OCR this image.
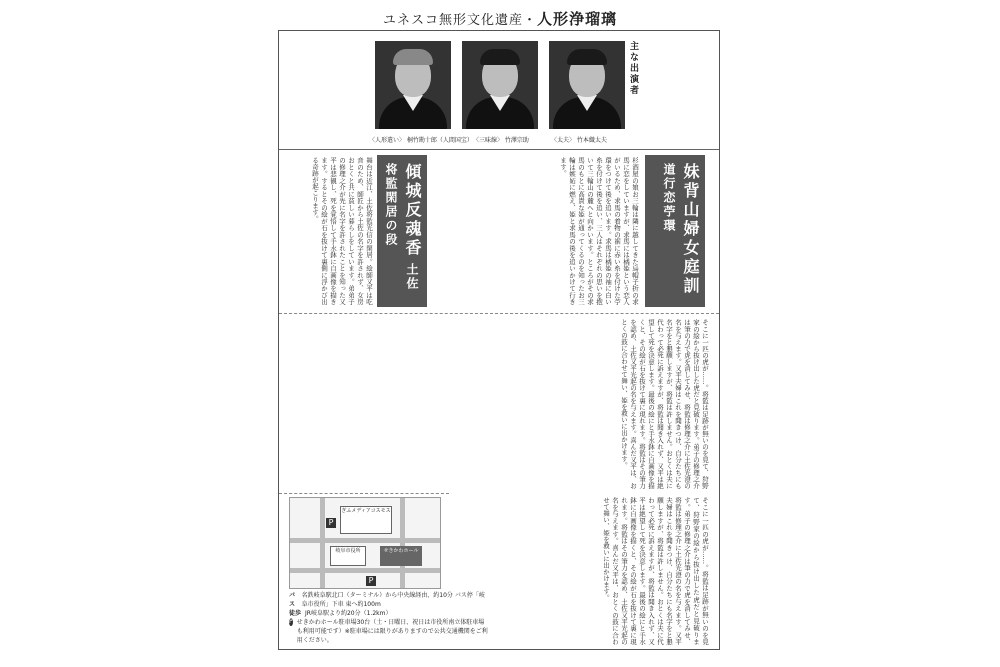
ユネスコ無形文化遺産・人形浄瑠璃
主な出演者
〈人形遣い〉 桐竹勘十郎（人間国宝） 〈三味線〉 竹澤宗助	〈太夫〉 竹本織太夫
妹背山婦女庭訓 道行恋苧環
杉酒屋の娘お三輪は隣に越してきた烏帽子折の求馬に恋をしていますが、求馬には橘姫という恋人がいるため、求馬の着物の裾に赤い糸を付けた苧環をつけて後を追います。求馬は橘姫の袖に白い糸を付けて後を追い、三人はそれぞれの思いを抱いて三輪山の麓へと向かいます。ところがその求馬のもとに高貴な姫が通ってくるのを知ったお三輪は嫉妬に燃え、姫と求馬の後を追いかけて行きます。
傾城反魂香 土佐将監閑居の段
舞台は近江、土佐将監光信の閑居。絵師又平は吃音のため、師匠から土佐の名字を許されず、女房おとくと共に貧しい暮らしをしています。弟弟子の修理之介が先に名字を許されたことを知った又平は悲観し、死を覚悟して手水鉢に自画像を描きます。するとその絵が石を抜けて裏側に浮かび出る奇跡が起こります。
そこに一匹の虎が……。将監は足跡が無いのを見て、狩野家の絵から抜け出した虎だと見破ります。弟子の修理之介は筆の力で虎を消してみせ、将監は修理之介に土佐光澄の名を与えます。又平夫婦はこれを聞きつけ、自分たちにも名字をと懇願しますが、将監は許しません。おとくは夫に代わって必死に訴えますが、将監は聞き入れず、又平は絶望して死を決意します。最後の絵にと手水鉢に自画像を描くと、その絵が石を抜けて裏に現れます。将監はその筆力を認め、土佐又平光起の名を与えます。喜んだ又平は、おとくの鼓に合わせて舞い、姫を救いに出かけます。
そこに一匹の虎が……。将監は足跡が無いのを見て、狩野家の絵から抜け出した虎だと見破ります。弟子の修理之介は筆の力で虎を消してみせ、将監は修理之介に土佐光澄の名を与えます。又平夫婦はこれを聞きつけ、自分たちにも名字をと懇願しますが、将監は許しません。おとくは夫に代わって必死に訴えますが、将監は聞き入れず、又平は絶望して死を決意します。最後の絵にと手水鉢に自画像を描くと、その絵が石を抜けて裏に現れます。将監はその筆力を認め、土佐又平光起の名を与えます。喜んだ又平は、おとくの鼓に合わせて舞い、姫を救いに出かけます。
ぎふメディアコスモス
せきかわホール
岐阜市役所
P
P
バス
名鉄岐阜駅北口（ターミナル）から中央線経由、約10分 バス停「岐阜市役所」下車 東へ約100m
徒歩 JR岐阜駅より約20分（1.2km）
P せきかわホール駐車場30台（土・日曜日、祝日は市役所南立体駐車場も利用可能です）※駐車場には限りがありますので公共交通機関をご利用ください。
